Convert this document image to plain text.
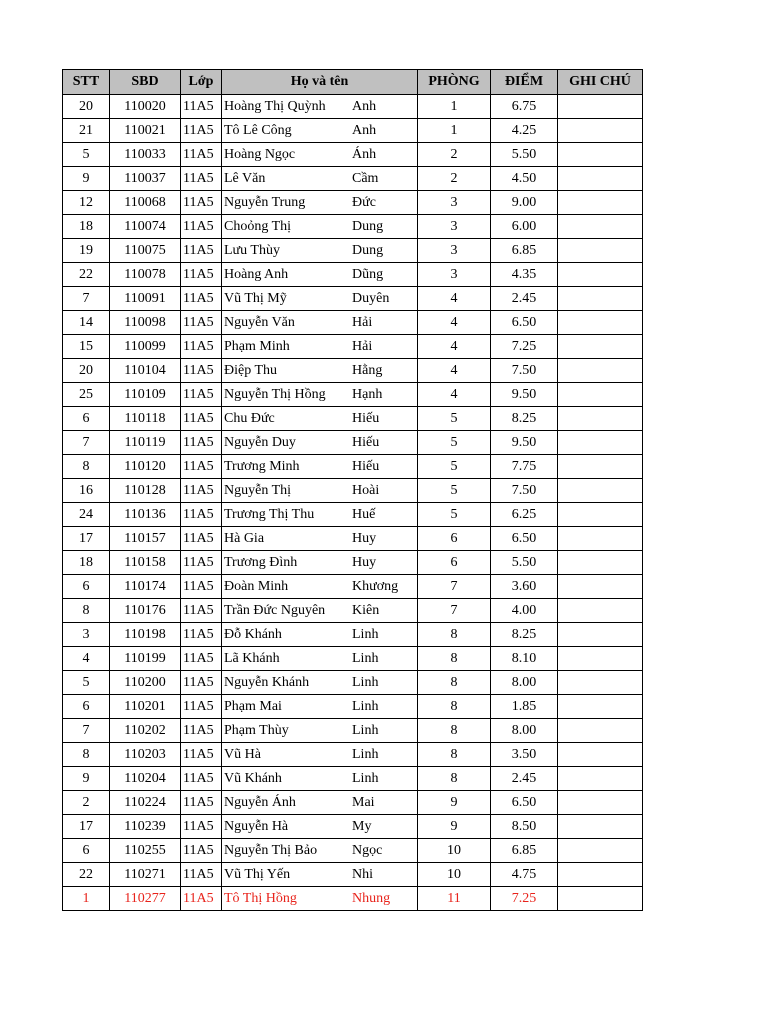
STT	SBD	Lớp	Họ và tên	PHÒNG	ĐIỂM	GHI CHÚ
20	110020	11A5	Hoàng Thị Quỳnh Anh	1	6.75	
21	110021	11A5	Tô Lê Công Anh	1	4.25	
5	110033	11A5	Hoàng Ngọc Ánh	2	5.50	
9	110037	11A5	Lê Văn Cầm	2	4.50	
12	110068	11A5	Nguyễn Trung Đức	3	9.00	
18	110074	11A5	Choỏng Thị Dung	3	6.00	
19	110075	11A5	Lưu Thùy Dung	3	6.85	
22	110078	11A5	Hoàng Anh Dũng	3	4.35	
7	110091	11A5	Vũ Thị Mỹ Duyên	4	2.45	
14	110098	11A5	Nguyễn Văn Hải	4	6.50	
15	110099	11A5	Phạm Minh Hải	4	7.25	
20	110104	11A5	Điệp Thu Hằng	4	7.50	
25	110109	11A5	Nguyễn Thị Hồng Hạnh	4	9.50	
6	110118	11A5	Chu Đức Hiếu	5	8.25	
7	110119	11A5	Nguyễn Duy Hiếu	5	9.50	
8	110120	11A5	Trương Minh Hiếu	5	7.75	
16	110128	11A5	Nguyễn Thị Hoài	5	7.50	
24	110136	11A5	Trương Thị Thu Huế	5	6.25	
17	110157	11A5	Hà Gia Huy	6	6.50	
18	110158	11A5	Trương Đình Huy	6	5.50	
6	110174	11A5	Đoàn Minh Khương	7	3.60	
8	110176	11A5	Trần Đức Nguyên Kiên	7	4.00	
3	110198	11A5	Đỗ Khánh Linh	8	8.25	
4	110199	11A5	Lã Khánh Linh	8	8.10	
5	110200	11A5	Nguyễn Khánh Linh	8	8.00	
6	110201	11A5	Phạm Mai Linh	8	1.85	
7	110202	11A5	Phạm Thùy Linh	8	8.00	
8	110203	11A5	Vũ Hà Linh	8	3.50	
9	110204	11A5	Vũ Khánh Linh	8	2.45	
2	110224	11A5	Nguyễn Ánh Mai	9	6.50	
17	110239	11A5	Nguyễn Hà My	9	8.50	
6	110255	11A5	Nguyễn Thị Bảo Ngọc	10	6.85	
22	110271	11A5	Vũ Thị Yến Nhi	10	4.75	
1	110277	11A5	Tô Thị Hồng Nhung	11	7.25	
